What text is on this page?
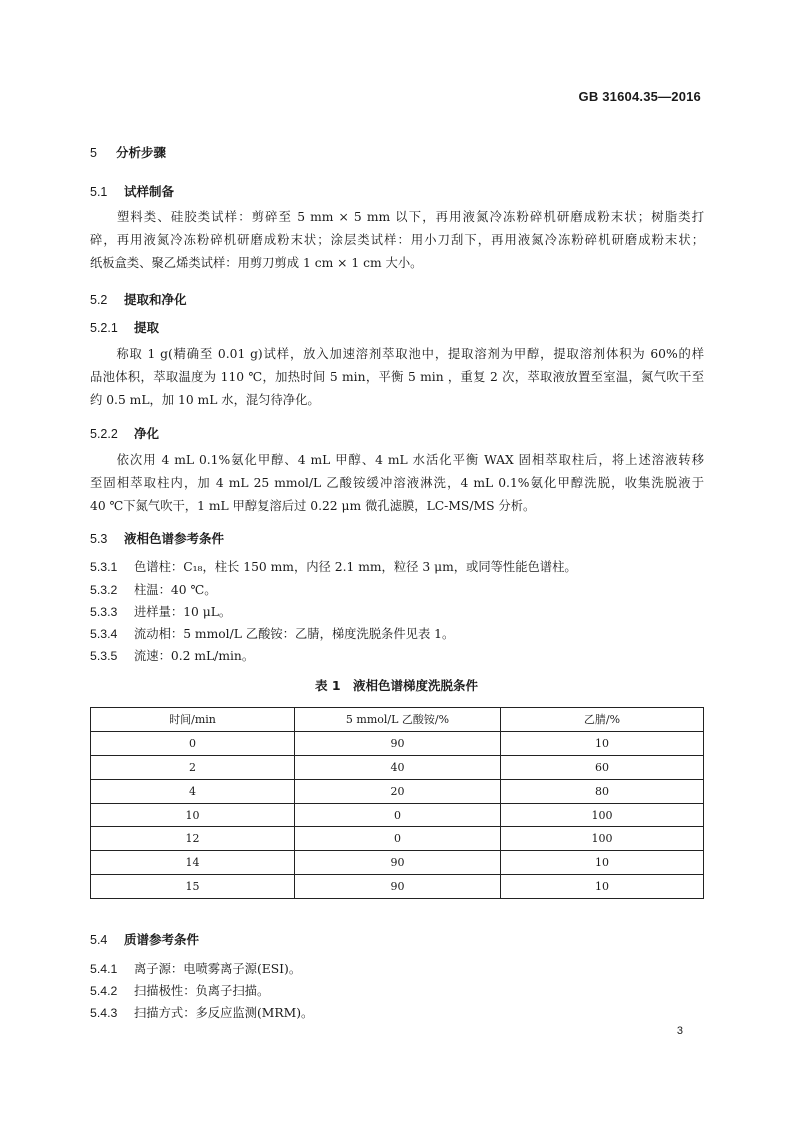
GB 31604.35—2016
5 分析步骤
5.1 试样制备
　　塑料类、硅胶类试样：剪碎至 5 mm × 5 mm 以下，再用液氮冷冻粉碎机研磨成粉末状；树脂类打
碎，再用液氮冷冻粉碎机研磨成粉末状；涂层类试样：用小刀刮下，再用液氮冷冻粉碎机研磨成粉末状；
纸板盒类、聚乙烯类试样：用剪刀剪成 1 cm × 1 cm 大小。
5.2 提取和净化
5.2.1 提取
　　称取 1 g(精确至 0.01 g)试样，放入加速溶剂萃取池中，提取溶剂为甲醇，提取溶剂体积为 60%的样
品池体积，萃取温度为 110 ℃，加热时间 5 min，平衡 5 min ，重复 2 次，萃取液放置至室温，氮气吹干至
约 0.5 mL，加 10 mL 水，混匀待净化。
5.2.2 净化
　　依次用 4 mL 0.1%氨化甲醇、4 mL 甲醇、4 mL 水活化平衡 WAX 固相萃取柱后，将上述溶液转移
至固相萃取柱内，加 4 mL 25 mmol/L 乙酸铵缓冲溶液淋洗，4 mL 0.1%氨化甲醇洗脱，收集洗脱液于
40 ℃下氮气吹干，1 mL 甲醇复溶后过 0.22 μm 微孔滤膜，LC-MS/MS 分析。
5.3 液相色谱参考条件
5.3.1 色谱柱：C₁₈，柱长 150 mm，内径 2.1 mm，粒径 3 μm，或同等性能色谱柱。
5.3.2 柱温：40 ℃。
5.3.3 进样量：10 μL。
5.3.4 流动相：5 mmol/L 乙酸铵：乙腈，梯度洗脱条件见表 1。
5.3.5 流速：0.2 mL/min。
表 1　液相色谱梯度洗脱条件
时间/min	5 mmol/L 乙酸铵/%	乙腈/%
0	90	10
2	40	60
4	20	80
10	0	100
12	0	100
14	90	10
15	90	10
5.4 质谱参考条件
5.4.1 离子源：电喷雾离子源(ESI)。
5.4.2 扫描极性：负离子扫描。
5.4.3 扫描方式：多反应监测(MRM)。
3
